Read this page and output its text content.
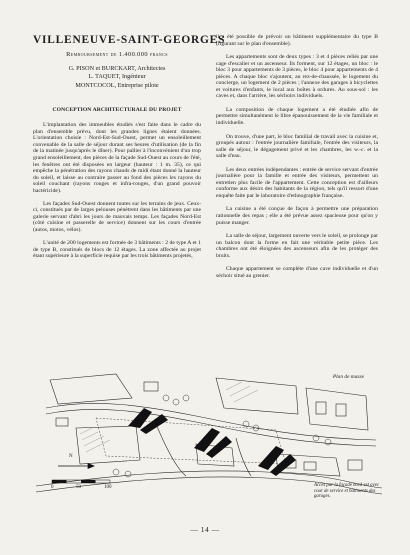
VILLENEUVE-SAINT-GEORGES

Remboursement de 1.400.000 francs

G. PISON et BURCKART, Architectes

L. TAQUET, Ingénieur

MONTCOCOL, Entreprise pilote

CONCEPTION ARCHITECTURALE DU PROJET

L'implantation des immeubles étudiés s'est faite dans le cadre du plan d'ensemble prévu, dont les grandes lignes étaient données. L'orientation choisie : Nord-Est-Sud-Ouest, permet un ensoleillement convenable de la salle de séjour durant ses heures d'utilisation (de la fin de la matinée jusqu'après le dîner). Pour pallier à l'inconvénient d'un trop grand ensoleillement, des pièces de la façade Sud-Ouest au cours de l'été, les fenêtres ont été disposées en largeur (hauteur : 1 m. 35), ce qui empêche la pénétration des rayons chauds de midi étant donné la hauteur du soleil, et laisse au contraire passer au fond des pièces les rayons du soleil couchant (rayons rouges et infra-rouges, d'un grand pouvoir bactéricide).

Les façades Sud-Ouest donnent toutes sur les terrains de jeux. Ceux-ci, constitués par de larges pelouses pénètrent dans les bâtiments par une galerie servant d'abri les jours de mauvais temps. Les façades Nord-Est (côté cuisine et passerelle de service) donnent sur les cours d'entrée (autos, motos, vélos).

L'unité de 200 logements est formée de 3 bâtiments : 2 de type A et 1 de type B, constitués de blocs de 12 étages. La zone affectée au projet étant supérieure à la superficie requise par les trois bâtiments projetés,

il a été possible de prévoir un bâtiment supplémentaire du type B (figurant sur le plan d'ensemble).

Les appartements sont de deux types : 3 et 4 pièces reliés par une cage d'escalier et un ascenseur. Ils forment, sur 12 étages, un bloc : le bloc 3 pour appartements de 3 pièces, le bloc 4 pour appartements de 4 pièces. A chaque bloc s'ajoutent, au rez-de-chaussée, le logement du concierge, un logement de 2 pièces ; l'annexe des garages à bicyclettes et voitures d'enfants, le local aux boîtes à ordures. Au sous-sol : les caves et, dans l'arrière, les séchoirs individuels.

La composition de chaque logement a été étudiée afin de permettre simultanément le libre épanouissement de la vie familiale et individuelle.

On trouve, d'une part, le bloc familial de travail avec la cuisine et, groupés autour : l'entrée journalière familiale, l'entrée des visiteurs, la salle de séjour, le dégagement privé et les chambres, les w.-c. et la salle d'eau.

Les deux entrées indépendantes : entrée de service servant d'entrée journalière pour la famille et entrée des visiteurs, permettent un entretien plus facile de l'appartement. Cette conception est d'ailleurs conforme aux désirs des habitants de la région, tels qu'il ressort d'une enquête faite par le laboratoire d'ethnographie française.

La cuisine a été conçue de façon à permettre une préparation rationnelle des repas ; elle a été prévue assez spacieuse pour qu'on y puisse manger.

La salle de séjour, largement ouverte vers le soleil, se prolonge par un balcon dont la forme en fait une véritable petite pièce. Les chambres ont été éloignées des ascenseurs afin de les protéger des bruits.

Chaque appartement se complète d'une cave individuelle et d'un séchoir situé au grenier.

Plan de masse
N
0	50	100	Accès par la façade nord-est avec cour de service et bâtiments des garages.
— 14 —
